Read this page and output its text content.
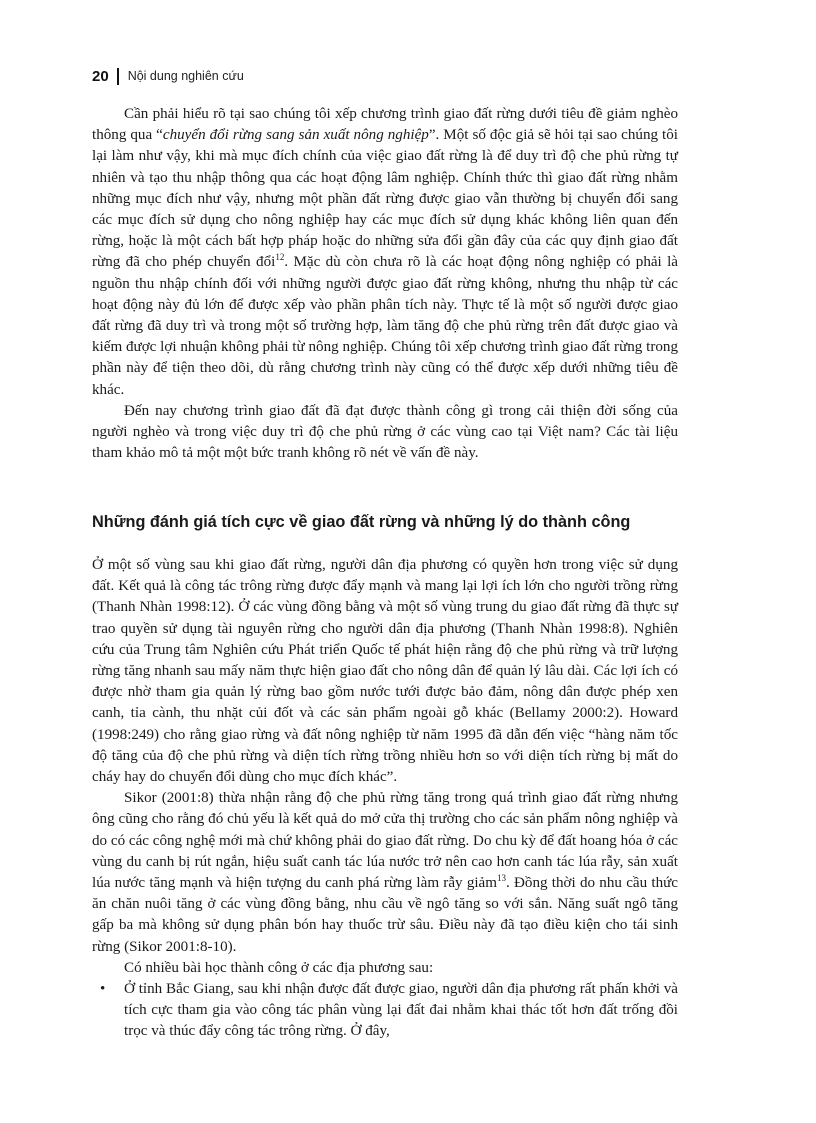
20 Nội dung nghiên cứu

Cần phải hiểu rõ tại sao chúng tôi xếp chương trình giao đất rừng dưới tiêu đề giảm nghèo thông qua “chuyển đổi rừng sang sản xuất nông nghiệp”. Một số độc giả sẽ hỏi tại sao chúng tôi lại làm như vậy, khi mà mục đích chính của việc giao đất rừng là để duy trì độ che phủ rừng tự nhiên và tạo thu nhập thông qua các hoạt động lâm nghiệp. Chính thức thì giao đất rừng nhằm những mục đích như vậy, nhưng một phần đất rừng được giao vẫn thường bị chuyển đổi sang các mục đích sử dụng cho nông nghiệp hay các mục đích sử dụng khác không liên quan đến rừng, hoặc là một cách bất hợp pháp hoặc do những sửa đổi gần đây của các quy định giao đất rừng đã cho phép chuyển đổi$^{12}$. Mặc dù còn chưa rõ là các hoạt động nông nghiệp có phải là nguồn thu nhập chính đối với những người được giao đất rừng không, nhưng thu nhập từ các hoạt động này đủ lớn để được xếp vào phần phân tích này. Thực tế là một số người được giao đất rừng đã duy trì và trong một số trường hợp, làm tăng độ che phủ rừng trên đất được giao và kiếm được lợi nhuận không phải từ nông nghiệp. Chúng tôi xếp chương trình giao đất rừng trong phần này để tiện theo dõi, dù rằng chương trình này cũng có thể được xếp dưới những tiêu đề khác.

Đến nay chương trình giao đất đã đạt được thành công gì trong cải thiện đời sống của người nghèo và trong việc duy trì độ che phủ rừng ở các vùng cao tại Việt nam? Các tài liệu tham khảo mô tả một một bức tranh không rõ nét về vấn đề này.

Những đánh giá tích cực về giao đất rừng và những lý do thành công

Ở một số vùng sau khi giao đất rừng, người dân địa phương có quyền hơn trong việc sử dụng đất. Kết quả là công tác trông rừng được đẩy mạnh và mang lại lợi ích lớn cho người trồng rừng (Thanh Nhàn 1998:12). Ở các vùng đồng bằng và một số vùng trung du giao đất rừng đã thực sự trao quyền sử dụng tài nguyên rừng cho người dân địa phương (Thanh Nhàn 1998:8). Nghiên cứu của Trung tâm Nghiên cứu Phát triển Quốc tế phát hiện rằng độ che phủ rừng và trữ lượng rừng tăng nhanh sau mấy năm thực hiện giao đất cho nông dân để quản lý lâu dài. Các lợi ích có được nhờ tham gia quản lý rừng bao gồm nước tưới được bảo đảm, nông dân được phép xen canh, tỉa cành, thu nhặt củi đốt và các sản phẩm ngoài gỗ khác (Bellamy 2000:2). Howard (1998:249) cho rằng giao rừng và đất nông nghiệp từ năm 1995 đã dẫn đến việc “hàng năm tốc độ tăng của độ che phủ rừng và diện tích rừng trồng nhiều hơn so với diện tích rừng bị mất do cháy hay do chuyển đổi dùng cho mục đích khác”.

Sikor (2001:8) thừa nhận rằng độ che phủ rừng tăng trong quá trình giao đất rừng nhưng ông cũng cho rằng đó chủ yếu là kết quả do mở cửa thị trường cho các sản phẩm nông nghiệp và do có các công nghệ mới mà chứ không phải do giao đất rừng. Do chu kỳ để đất hoang hóa ở các vùng du canh bị rút ngắn, hiệu suất canh tác lúa nước trở nên cao hơn canh tác lúa rẫy, sản xuất lúa nước tăng mạnh và hiện tượng du canh phá rừng làm rẫy giảm$^{13}$. Đồng thời do nhu cầu thức ăn chăn nuôi tăng ở các vùng đồng bằng, nhu cầu về ngô tăng so với sắn. Năng suất ngô tăng gấp ba mà không sử dụng phân bón hay thuốc trừ sâu. Điều này đã tạo điều kiện cho tái sinh rừng (Sikor 2001:8-10).

Có nhiều bài học thành công ở các địa phương sau:

• Ở tỉnh Bắc Giang, sau khi nhận được đất được giao, người dân địa phương rất phấn khởi và tích cực tham gia vào công tác phân vùng lại đất đai nhằm khai thác tốt hơn đất trống đồi trọc và thúc đẩy công tác trông rừng. Ở đây,
